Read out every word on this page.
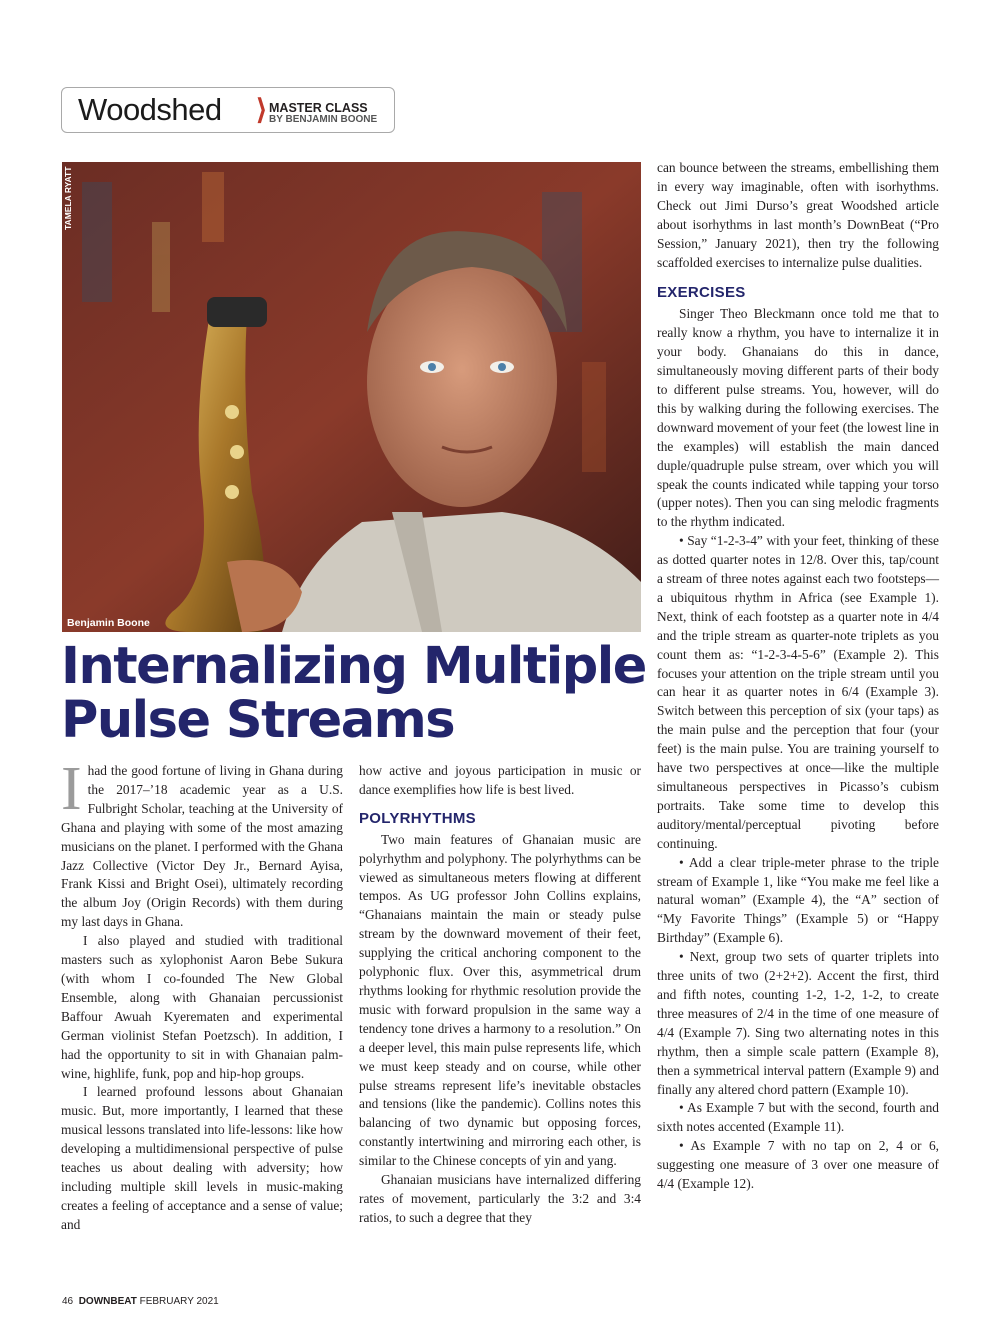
Woodshed ⟩ MASTER CLASS
BY BENJAMIN BOONE
Benjamin Boone
Internalizing Multiple
Pulse Streams

Ihad the good fortune of living in Ghana during the 2017–’18 academic year as a U.S. Fulbright Scholar, teaching at the University of Ghana and playing with some of the most amazing musicians on the planet. I performed with the Ghana Jazz Collective (Victor Dey Jr., Bernard Ayisa, Frank Kissi and Bright Osei), ultimately recording the album Joy (Origin Records) with them during my last days in Ghana.

I also played and studied with traditional masters such as xylophonist Aaron Bebe Sukura (with whom I co-founded The New Global Ensemble, along with Ghanaian percussionist Baffour Awuah Kyerematen and experimental German violinist Stefan Poetzsch). In addition, I had the opportunity to sit in with Ghanaian palm-wine, highlife, funk, pop and hip-hop groups.

I learned profound lessons about Ghanaian music. But, more importantly, I learned that these musical lessons translated into life-lessons: like how developing a multidimensional perspective of pulse teaches us about dealing with adversity; how including multiple skill levels in music-making creates a feeling of acceptance and a sense of value; and

how active and joyous participation in music or dance exemplifies how life is best lived.

POLYRHYTHMS

Two main features of Ghanaian music are polyrhythm and polyphony. The polyrhythms can be viewed as simultaneous meters flowing at different tempos. As UG professor John Collins explains, “Ghanaians maintain the main or steady pulse stream by the downward movement of their feet, supplying the critical anchoring component to the polyphonic flux. Over this, asymmetrical drum rhythms looking for rhythmic resolution provide the music with forward propulsion in the same way a tendency tone drives a harmony to a resolution.” On a deeper level, this main pulse represents life, which we must keep steady and on course, while other pulse streams represent life’s inevitable obstacles and tensions (like the pandemic). Collins notes this balancing of two dynamic but opposing forces, constantly intertwining and mirroring each other, is similar to the Chinese concepts of yin and yang.

Ghanaian musicians have internalized differing rates of movement, particularly the 3:2 and 3:4 ratios, to such a degree that they

can bounce between the streams, embellishing them in every way imaginable, often with isorhythms. Check out Jimi Durso’s great Woodshed article about isorhythms in last month’s DownBeat (“Pro Session,” January 2021), then try the following scaffolded exercises to internalize pulse dualities.

EXERCISES

Singer Theo Bleckmann once told me that to really know a rhythm, you have to internalize it in your body. Ghanaians do this in dance, simultaneously moving different parts of their body to different pulse streams. You, however, will do this by walking during the following exercises. The downward movement of your feet (the lowest line in the examples) will establish the main danced duple/quadruple pulse stream, over which you will speak the counts indicated while tapping your torso (upper notes). Then you can sing melodic fragments to the rhythm indicated.

• Say “1-2-3-4” with your feet, thinking of these as dotted quarter notes in 12/8. Over this, tap/count a stream of three notes against each two footsteps—a ubiquitous rhythm in Africa (see Example 1). Next, think of each footstep as a quarter note in 4/4 and the triple stream as quarter-note triplets as you count them as: “1-2-3-4-5-6” (Example 2). This focuses your attention on the triple stream until you can hear it as quarter notes in 6/4 (Example 3). Switch between this perception of six (your taps) as the main pulse and the perception that four (your feet) is the main pulse. You are training yourself to have two perspectives at once—like the multiple simultaneous perspectives in Picasso’s cubism portraits. Take some time to develop this auditory/mental/perceptual pivoting before continuing.

• Add a clear triple-meter phrase to the triple stream of Example 1, like “You make me feel like a natural woman” (Example 4), the “A” section of “My Favorite Things” (Example 5) or “Happy Birthday” (Example 6).

• Next, group two sets of quarter triplets into three units of two (2+2+2). Accent the first, third and fifth notes, counting 1-2, 1-2, 1-2, to create three measures of 2/4 in the time of one measure of 4/4 (Example 7). Sing two alternating notes in this rhythm, then a simple scale pattern (Example 8), then a symmetrical interval pattern (Example 9) and finally any altered chord pattern (Example 10).

• As Example 7 but with the second, fourth and sixth notes accented (Example 11).

• As Example 7 with no tap on 2, 4 or 6, suggesting one measure of 3 over one measure of 4/4 (Example 12).

46 DOWNBEAT FEBRUARY 2021
